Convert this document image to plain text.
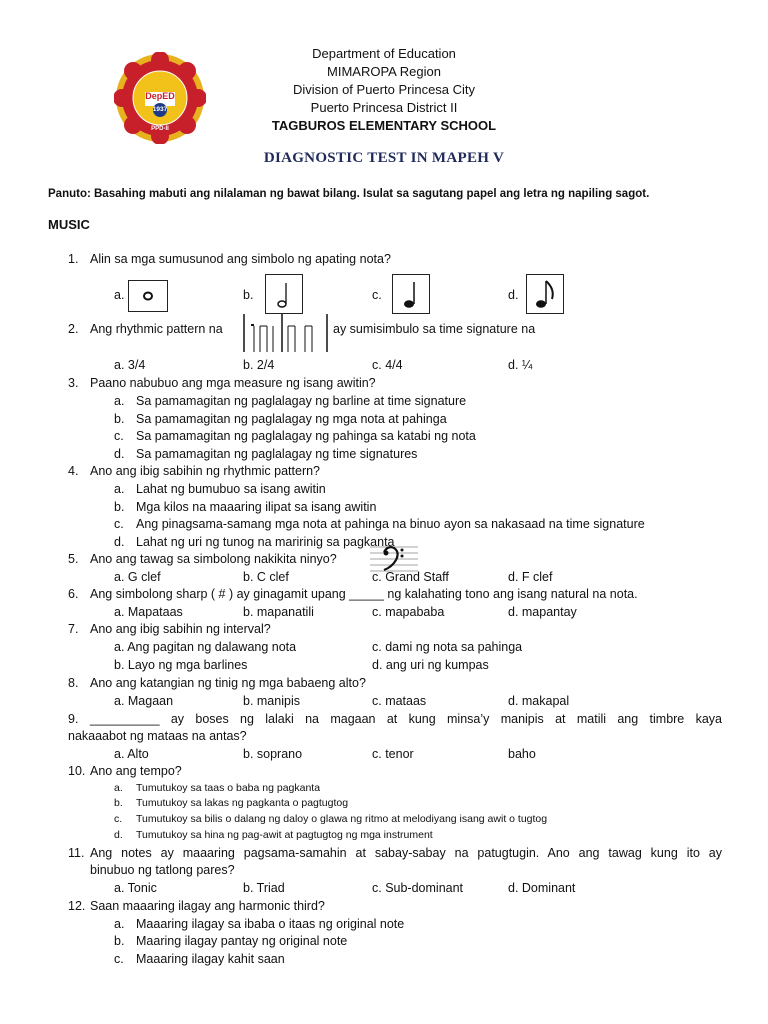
DepED
1937
PPD-II
Department of Education
MIMAROPA Region
Division of Puerto Princesa City
Puerto Princesa District II
TAGBUROS ELEMENTARY SCHOOL
DIAGNOSTIC TEST IN MAPEH V
Panuto: Basahing mabuti ang nilalaman ng bawat bilang. Isulat sa sagutang papel ang letra ng napiling sagot.
MUSIC
1. Alin sa mga sumusunod ang simbolo ng apating nota?
a.	b.	c.	d.
2. Ang rhythmic pattern na	ay sumisimbulo sa time signature na
a. 3/4	b. 2/4	c. 4/4	d. ¼
3. Paano nabubuo ang mga measure ng isang awitin?
a. Sa pamamagitan ng paglalagay ng barline at time signature
b. Sa pamamagitan ng paglalagay ng mga nota at pahinga
c. Sa pamamagitan ng paglalagay ng pahinga sa katabi ng nota
d. Sa pamamagitan ng paglalagay ng time signatures
4. Ano ang ibig sabihin ng rhythmic pattern?
a. Lahat ng bumubuo sa isang awitin
b. Mga kilos na maaaring ilipat sa isang awitin
c. Ang pinagsama-samang mga nota at pahinga na binuo ayon sa nakasaad na time signature
d. Lahat ng uri ng tunog na maririnig sa pagkanta
5. Ano ang tawag sa simbolong nakikita ninyo?
a. G clef	b. C clef	c. Grand Staff	d. F clef
6. Ang simbolong sharp ( # ) ay ginagamit upang _____ ng kalahating tono ang isang natural na nota.
a. Mapataas	b. mapanatili	c. mapababa	d. mapantay
7. Ano ang ibig sabihin ng interval?
a. Ang pagitan ng dalawang nota	c. dami ng nota sa pahinga
b. Layo ng mga barlines	d. ang uri ng kumpas
8. Ano ang katangian ng tinig ng mga babaeng alto?
a. Magaan	b. manipis	c. mataas	d. makapal
9. __________ ay boses ng lalaki na magaan at kung minsa’y manipis at matili ang timbre kaya
nakaaabot ng mataas na antas?
a. Alto	b. soprano	c. tenor	baho
10. Ano ang tempo?
a. Tumutukoy sa taas o baba ng pagkanta
b. Tumutukoy sa lakas ng pagkanta o pagtugtog
c. Tumutukoy sa bilis o dalang ng daloy o glawa ng ritmo at melodiyang isang awit o tugtog
d. Tumutukoy sa hina ng pag-awit at pagtugtog ng mga instrument
11. Ang notes ay maaaring pagsama-samahin at sabay-sabay na patugtugin. Ano ang tawag kung ito ay
binubuo ng tatlong pares?
a. Tonic	b. Triad	c. Sub-dominant	d. Dominant
12. Saan maaaring ilagay ang harmonic third?
a. Maaaring ilagay sa ibaba o itaas ng original note
b. Maaring ilagay pantay ng original note
c. Maaaring ilagay kahit saan
